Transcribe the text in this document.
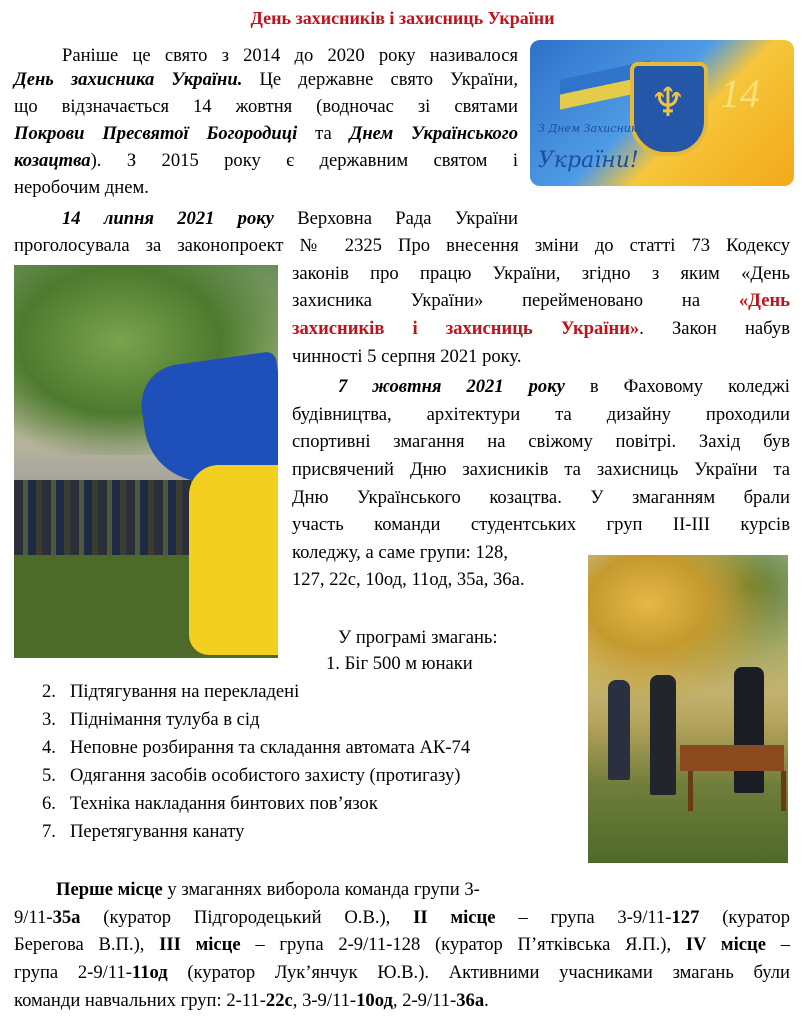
День захисників і захисниць України
♆ 14
З Днем Захисника
України!
Раніше це свято з 2014 до 2020 року називалося
День захисника України. Це державне свято України,
що відзначається 14 жовтня (водночас зі святами
Покрови Пресвятої Богородиці та Днем Українського
козацтва). З 2015 року є державним святом і
неробочим днем.
14 липня 2021 року Верховна Рада України
проголосувала за законопроект № 2325 Про внесення зміни до статті 73 Кодексу
законів про працю України, згідно з яким «День
захисника України» перейменовано на «День
захисників і захисниць України». Закон набув
чинності 5 серпня 2021 року.
7 жовтня 2021 року в Фаховому коледжі
будівництва, архітектури та дизайну проходили
спортивні змагання на свіжому повітрі. Захід був
присвячений Дню захисників та захисниць України та
Дню Українського козацтва. У змаганням брали
участь команди студентських груп ІІ-ІІІ курсів
коледжу, а саме групи: 128,
127, 22с, 10од, 11од, 35а, 36а.
У програмі змагань:
1. Біг 500 м юнаки
2. Підтягування на перекладені
3. Піднімання тулуба в сід
4. Неповне розбирання та складання автомата АК-74
5. Одягання засобів особистого захисту (протигазу)
6. Техніка накладання бинтових пов’язок
7. Перетягування канату
Перше місце у змаганнях виборола команда групи 3-
9/11-35а (куратор Підгородецький О.В.), ІІ місце – група 3-9/11-127 (куратор
Берегова В.П.), ІІІ місце – група 2-9/11-128 (куратор П’ятківська Я.П.), IV місце –
група 2-9/11-11од (куратор Лук’янчук Ю.В.). Активними учасниками змагань були
команди навчальних груп: 2-11-22с, 3-9/11-10од, 2-9/11-36а.
